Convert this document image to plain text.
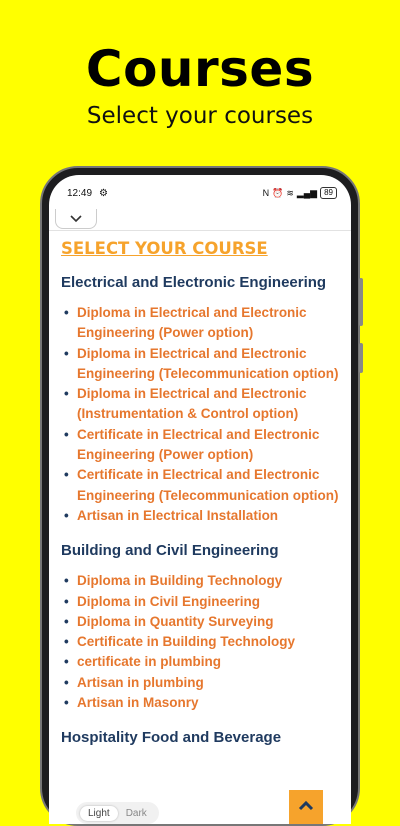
Courses
Select your courses
12:49 ⚙	N ⏰ ≋ ▂▄▆ 89
SELECT YOUR COURSE
Electrical and Electronic Engineering
• Diploma in Electrical and Electronic Engineering (Power option)
• Diploma in Electrical and Electronic Engineering (Telecommunication option)
• Diploma in Electrical and Electronic (Instrumentation & Control option)
• Certificate in Electrical and Electronic Engineering (Power option)
• Certificate in Electrical and Electronic Engineering (Telecommunication option)
• Artisan in Electrical Installation
Building and Civil Engineering
• Diploma in Building Technology
• Diploma in Civil Engineering
• Diploma in Quantity Surveying
• Certificate in Building Technology
• certificate in plumbing
• Artisan in plumbing
• Artisan in Masonry
Hospitality Food and Beverage
Light	Dark
